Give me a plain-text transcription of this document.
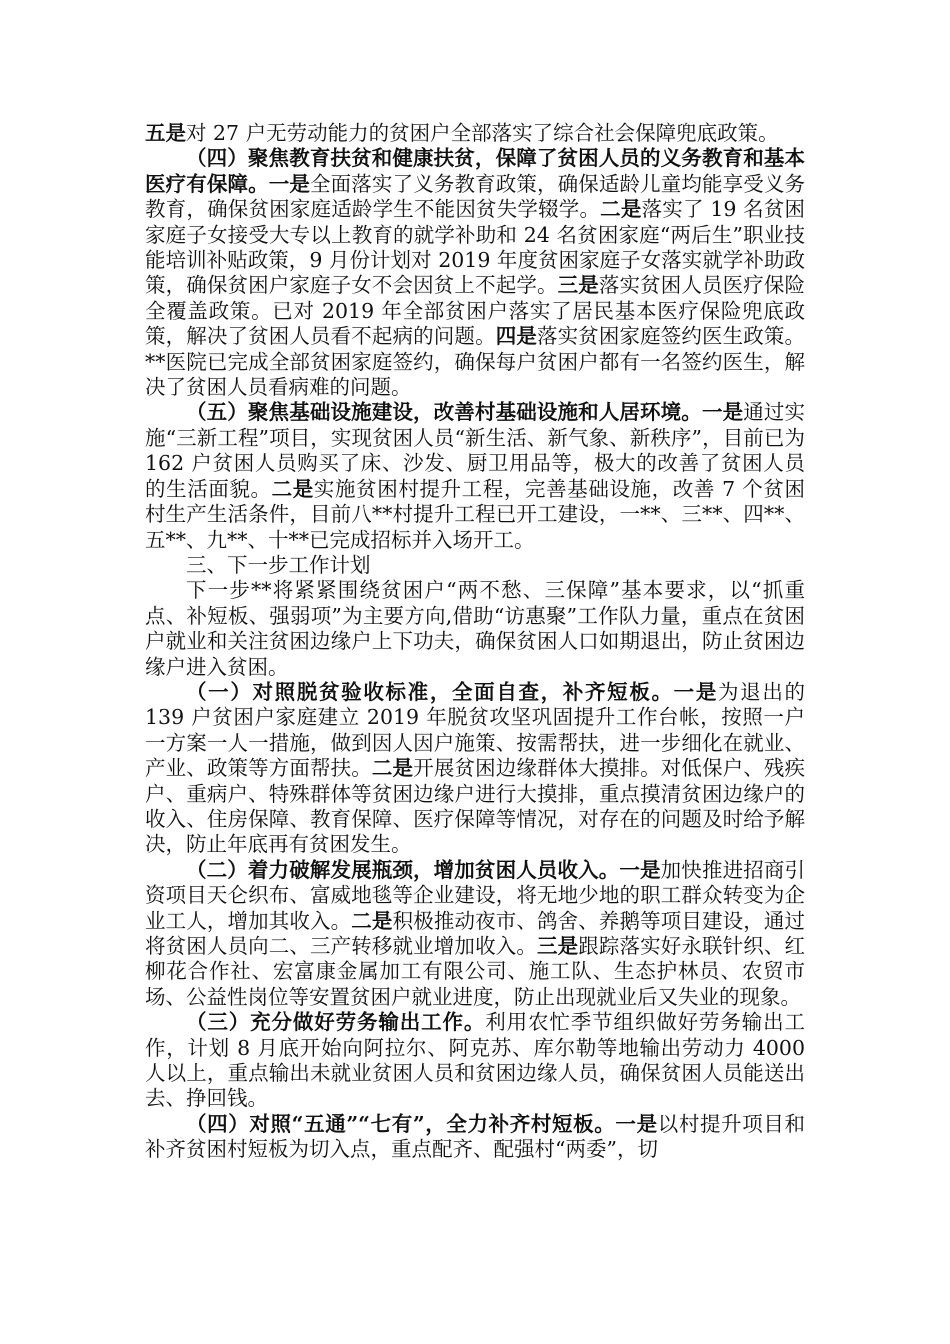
五是对 27 户无劳动能力的贫困户全部落实了综合社会保障兜底政策。

（四）聚焦教育扶贫和健康扶贫，保障了贫困人员的义务教育和基本医疗有保障。一是全面落实了义务教育政策，确保适龄儿童均能享受义务教育，确保贫困家庭适龄学生不能因贫失学辍学。二是落实了 19 名贫困家庭子女接受大专以上教育的就学补助和 24 名贫困家庭“两后生”职业技能培训补贴政策，9 月份计划对 2019 年度贫困家庭子女落实就学补助政策，确保贫困户家庭子女不会因贫上不起学。三是落实贫困人员医疗保险全覆盖政策。已对 2019 年全部贫困户落实了居民基本医疗保险兜底政策，解决了贫困人员看不起病的问题。四是落实贫困家庭签约医生政策。**医院已完成全部贫困家庭签约，确保每户贫困户都有一名签约医生，解决了贫困人员看病难的问题。

（五）聚焦基础设施建设，改善村基础设施和人居环境。一是通过实施“三新工程”项目，实现贫困人员“新生活、新气象、新秩序”，目前已为 162 户贫困人员购买了床、沙发、厨卫用品等，极大的改善了贫困人员的生活面貌。二是实施贫困村提升工程，完善基础设施，改善 7 个贫困村生产生活条件，目前八**村提升工程已开工建设，一**、三**、四**、五**、九**、十**已完成招标并入场开工。

三、下一步工作计划

下一步**将紧紧围绕贫困户“两不愁、三保障”基本要求，以“抓重点、补短板、强弱项”为主要方向,借助“访惠聚”工作队力量，重点在贫困户就业和关注贫困边缘户上下功夫，确保贫困人口如期退出，防止贫困边缘户进入贫困。

（一）对照脱贫验收标准，全面自查，补齐短板。一是为退出的 139 户贫困户家庭建立 2019 年脱贫攻坚巩固提升工作台帐，按照一户一方案一人一措施，做到因人因户施策、按需帮扶，进一步细化在就业、产业、政策等方面帮扶。二是开展贫困边缘群体大摸排。对低保户、残疾户、重病户、特殊群体等贫困边缘户进行大摸排，重点摸清贫困边缘户的收入、住房保障、教育保障、医疗保障等情况，对存在的问题及时给予解决，防止年底再有贫困发生。

（二）着力破解发展瓶颈，增加贫困人员收入。一是加快推进招商引资项目天仑织布、富威地毯等企业建设，将无地少地的职工群众转变为企业工人，增加其收入。二是积极推动夜市、鸽舍、养鹅等项目建设，通过将贫困人员向二、三产转移就业增加收入。三是跟踪落实好永联针织、红柳花合作社、宏富康金属加工有限公司、施工队、生态护林员、农贸市场、公益性岗位等安置贫困户就业进度，防止出现就业后又失业的现象。

（三）充分做好劳务输出工作。利用农忙季节组织做好劳务输出工作，计划 8 月底开始向阿拉尔、阿克苏、库尔勒等地输出劳动力 4000 人以上，重点输出未就业贫困人员和贫困边缘人员，确保贫困人员能送出去、挣回钱。

（四）对照“五通”“七有”，全力补齐村短板。一是以村提升项目和补齐贫困村短板为切入点，重点配齐、配强村“两委”，切
